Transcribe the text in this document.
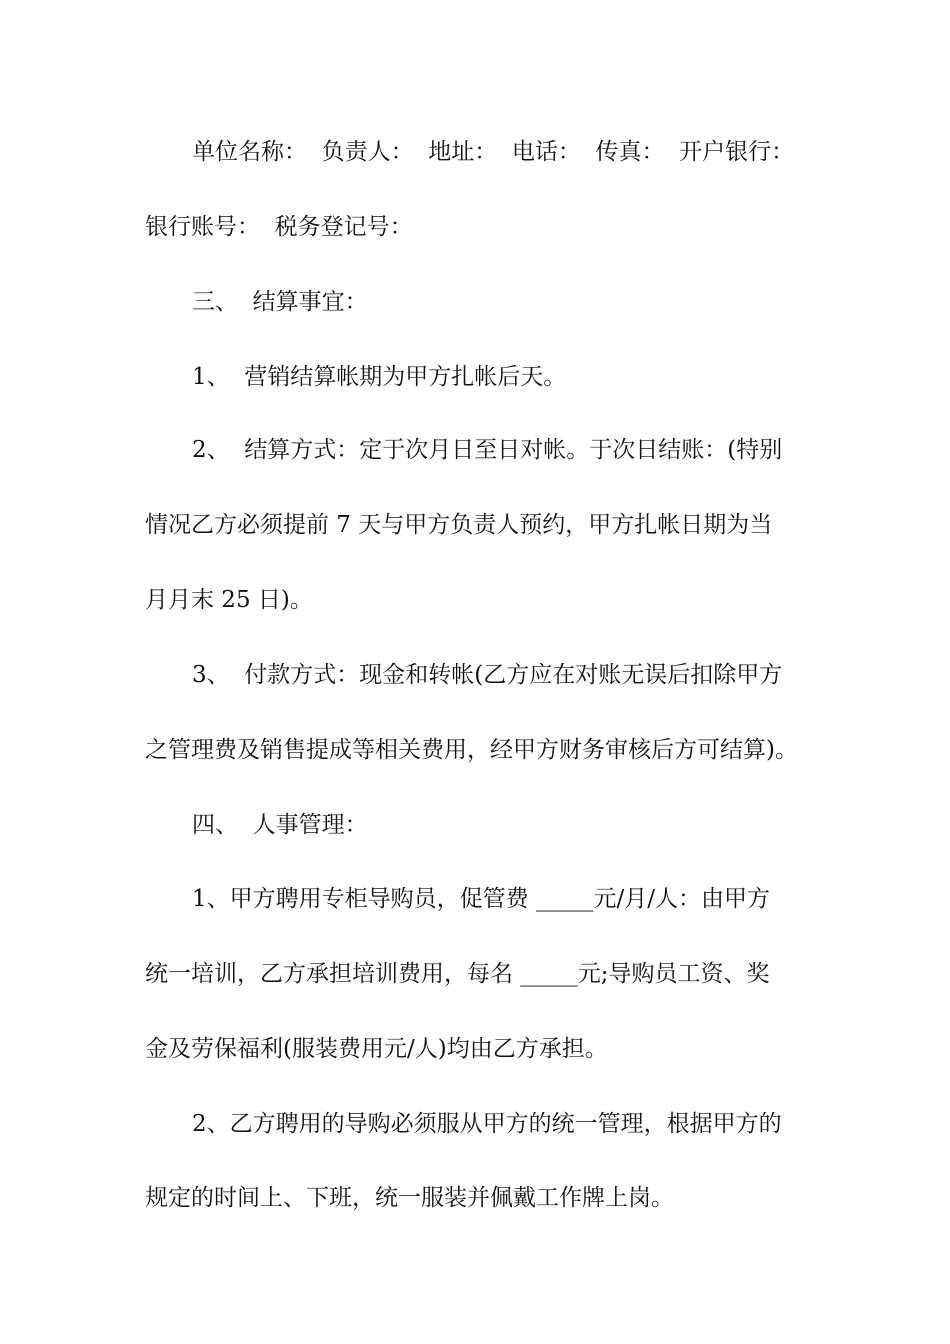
单位名称：  负责人：  地址：  电话：  传真：  开户银行：
银行账号：  税务登记号：
三、  结算事宜：
1、  营销结算帐期为甲方扎帐后天。
2、  结算方式：定于次月日至日对帐。于次日结账：(特别
情况乙方必须提前 7 天与甲方负责人预约，甲方扎帐日期为当
月月末 25 日)。
3、  付款方式：现金和转帐(乙方应在对账无误后扣除甲方
之管理费及销售提成等相关费用，经甲方财务审核后方可结算)。
四、  人事管理：
1、甲方聘用专柜导购员，促管费 _____元/月/人：由甲方
统一培训，乙方承担培训费用，每名 _____元;导购员工资、奖
金及劳保福利(服装费用元/人)均由乙方承担。
2、乙方聘用的导购必须服从甲方的统一管理，根据甲方的
规定的时间上、下班，统一服装并佩戴工作牌上岗。
